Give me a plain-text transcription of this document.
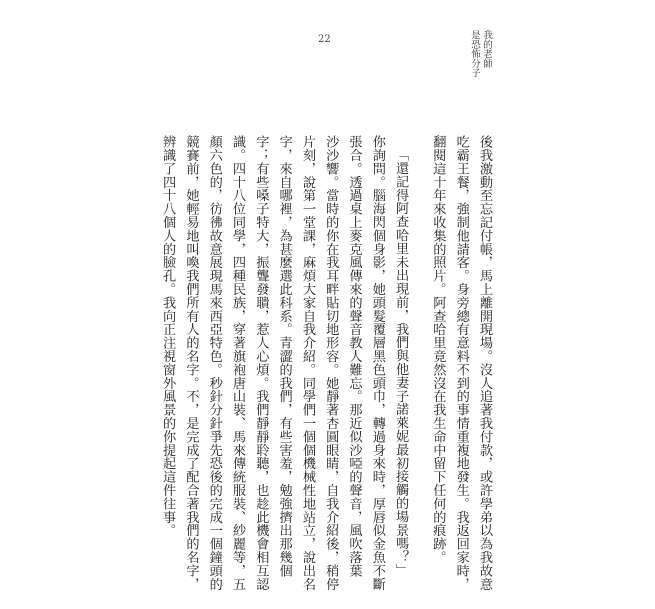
22	我的老師
是恐怖分子
後我激動至忘記付帳，馬上離開現場。沒人追著我付款，或許學弟以為我故意
吃霸王餐，強制他請客。身旁總有意料不到的事情重複地發生。我返回家時，
翻閱這十年來收集的照片。阿查哈里竟然沒在我生命中留下任何的痕跡。
「還記得阿查哈里未出現前，我們與他妻子諾萊妮最初接觸的場景嗎？」
你詢問。腦海閃個身影，她頭髮覆層黑色頭巾，轉過身來時，厚唇似金魚不斷
張合。透過桌上麥克風傳來的聲音教人難忘。那近似沙啞的聲音，風吹落葉
沙沙響。當時的你在我耳畔貼切地形容。她靜著杏圓眼睛，自我介紹後，稍停
片刻，說第一堂課，麻煩大家自我介紹。同學們一個個機械性地站立，說出名
字，來自哪裡，為甚麼選此科系。青澀的我們，有些害羞，勉強擠出那幾個
字；有些嗓子特大，振聾發聵，惹人心煩。我們靜靜聆聽，也趁此機會相互認
識。四十八位同學，四種民族，穿著旗袍唐山裝、馬來傳統服裝、紗麗等，五
顏六色的，彷彿故意展現馬來西亞特色。秒針分針爭先恐後的完成一個鐘頭的
競賽前，她輕易地叫喚我們所有人的名字。不，是完成了配合著我們的名字，
辨識了四十八個人的臉孔。我向正注視窗外風景的你提起這件往事。
